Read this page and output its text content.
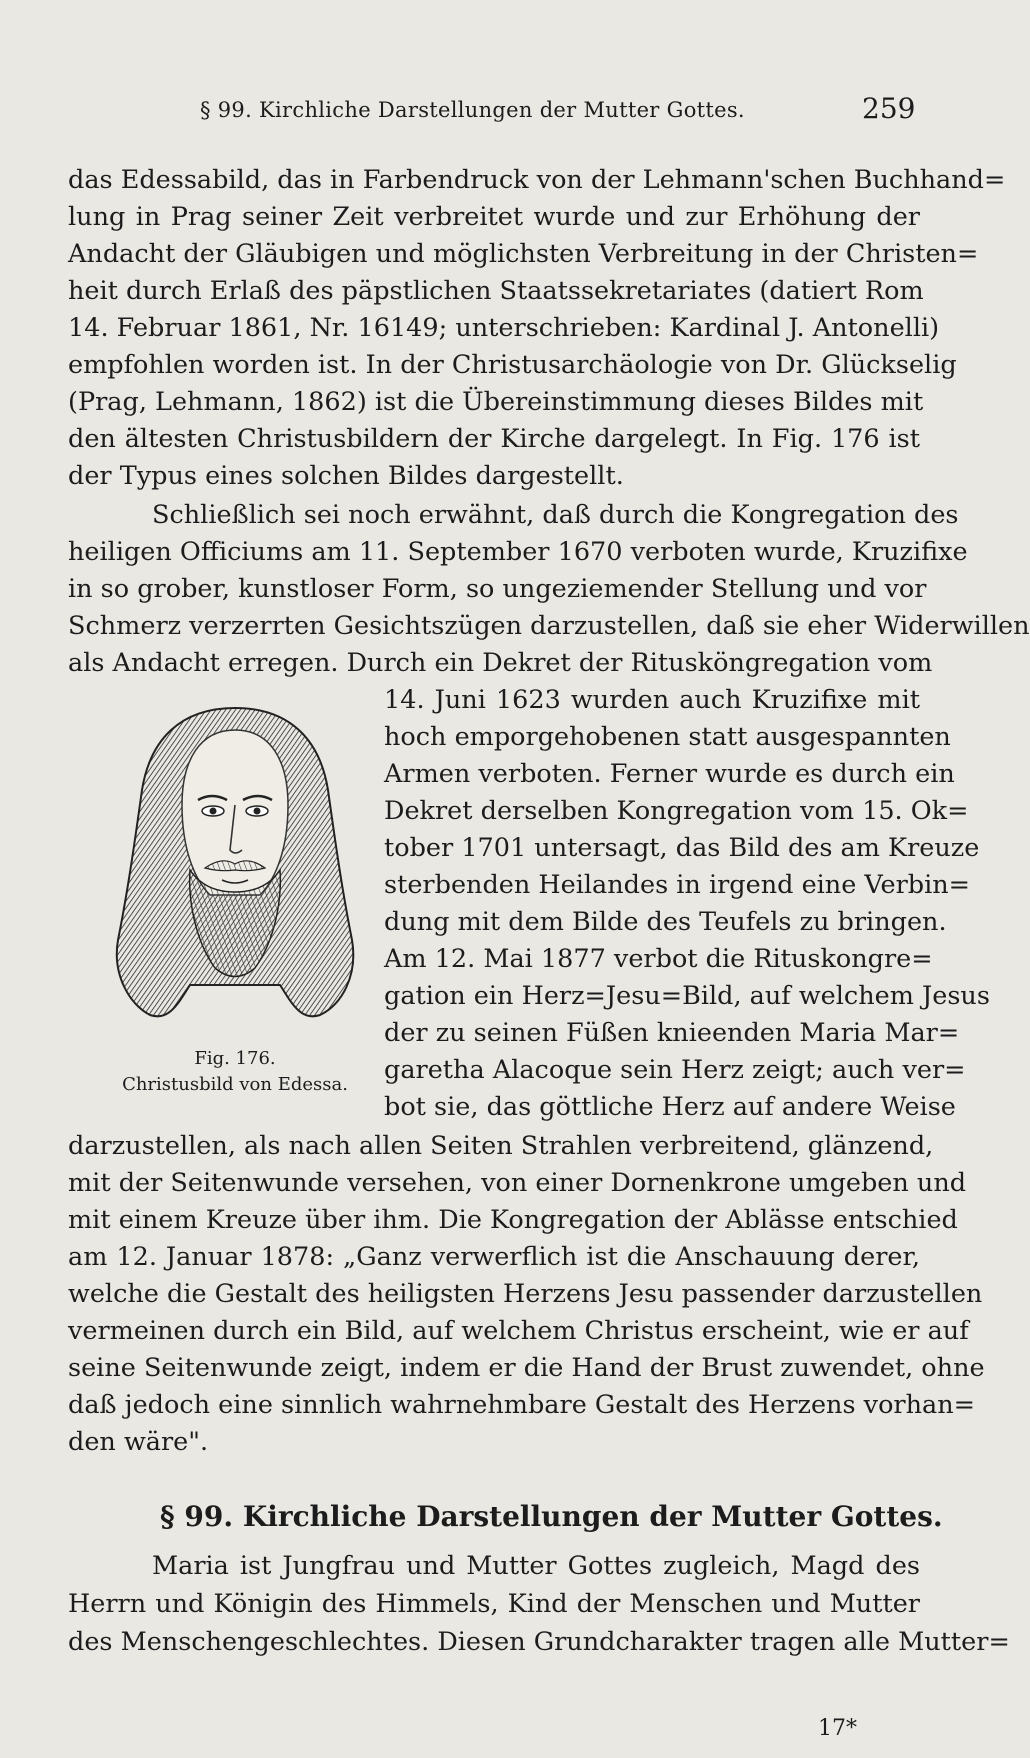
§ 99. Kirchliche Darstellungen der Mutter Gottes.	259
das Edessabild, das in Farbendruck von der Lehmann'schen Buchhand=
lung in Prag seiner Zeit verbreitet wurde und zur Erhöhung der
Andacht der Gläubigen und möglichsten Verbreitung in der Christen=
heit durch Erlaß des päpstlichen Staatssekretariates (datiert Rom
14. Februar 1861, Nr. 16149; unterschrieben: Kardinal J. Antonelli)
empfohlen worden ist. In der Christusarchäologie von Dr. Glückselig
(Prag, Lehmann, 1862) ist die Übereinstimmung dieses Bildes mit
den ältesten Christusbildern der Kirche dargelegt. In Fig. 176 ist
der Typus eines solchen Bildes dargestellt.
Schließlich sei noch erwähnt, daß durch die Kongregation des
heiligen Officiums am 11. September 1670 verboten wurde, Kruzifixe
in so grober, kunstloser Form, so ungeziemender Stellung und vor
Schmerz verzerrten Gesichtszügen darzustellen, daß sie eher Widerwillen
als Andacht erregen. Durch ein Dekret der Ritusköngregation vom
Fig. 176.
Christusbild von Edessa.
14. Juni 1623 wurden auch Kruzifixe mit
hoch emporgehobenen statt ausgespannten
Armen verboten. Ferner wurde es durch ein
Dekret derselben Kongregation vom 15. Ok=
tober 1701 untersagt, das Bild des am Kreuze
sterbenden Heilandes in irgend eine Verbin=
dung mit dem Bilde des Teufels zu bringen.
Am 12. Mai 1877 verbot die Rituskongre=
gation ein Herz=Jesu=Bild, auf welchem Jesus
der zu seinen Füßen knieenden Maria Mar=
garetha Alacoque sein Herz zeigt; auch ver=
bot sie, das göttliche Herz auf andere Weise
darzustellen, als nach allen Seiten Strahlen verbreitend, glänzend,
mit der Seitenwunde versehen, von einer Dornenkrone umgeben und
mit einem Kreuze über ihm. Die Kongregation der Ablässe entschied
am 12. Januar 1878: „Ganz verwerflich ist die Anschauung derer,
welche die Gestalt des heiligsten Herzens Jesu passender darzustellen
vermeinen durch ein Bild, auf welchem Christus erscheint, wie er auf
seine Seitenwunde zeigt, indem er die Hand der Brust zuwendet, ohne
daß jedoch eine sinnlich wahrnehmbare Gestalt des Herzens vorhan=
den wäre".
§ 99. Kirchliche Darstellungen der Mutter Gottes.
Maria ist Jungfrau und Mutter Gottes zugleich, Magd des
Herrn und Königin des Himmels, Kind der Menschen und Mutter
des Menschengeschlechtes. Diesen Grundcharakter tragen alle Mutter=
17*
